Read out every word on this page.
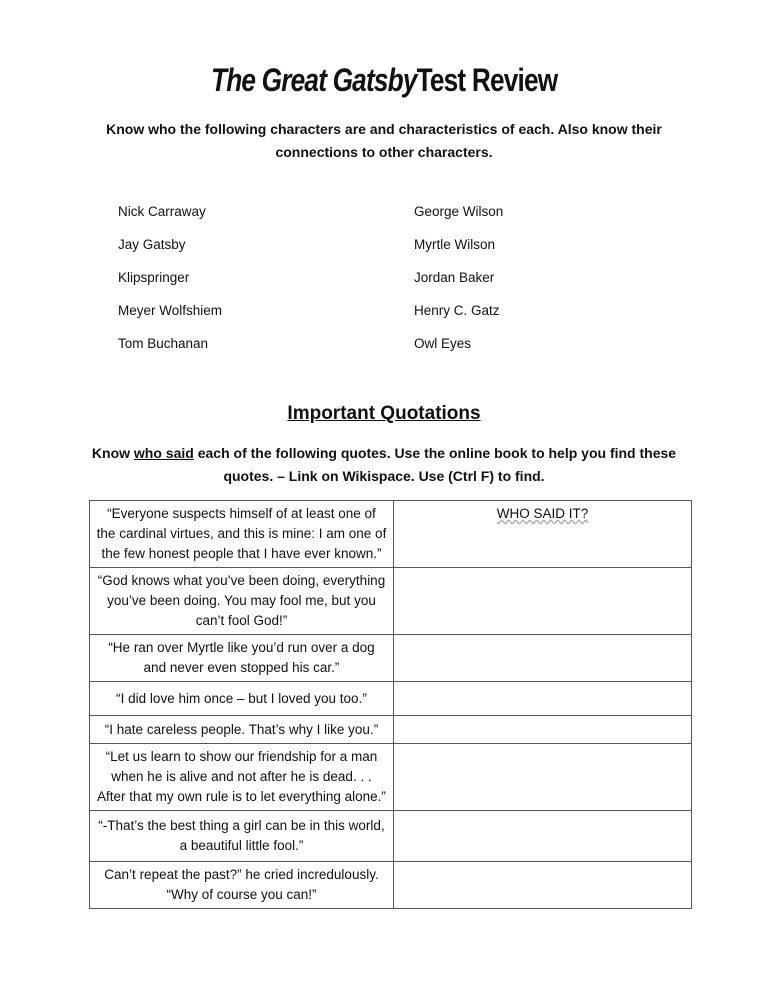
The Great GatsbyTest Review
Know who the following characters are and characteristics of each. Also know their
connections to other characters.
Nick Carraway
Jay Gatsby
Klipspringer
Meyer Wolfshiem
Tom Buchanan
George Wilson
Myrtle Wilson
Jordan Baker
Henry C. Gatz
Owl Eyes
Important Quotations
Know who said each of the following quotes. Use the online book to help you find these
quotes. – Link on Wikispace. Use (Ctrl F) to find.
“Everyone suspects himself of at least one of the cardinal virtues, and this is mine: I am one of the few honest people that I have ever known.”	WHO SAID IT?
“God knows what you’ve been doing, everything you’ve been doing. You may fool me, but you can’t fool God!”	
“He ran over Myrtle like you’d run over a dog and never even stopped his car.”	
“I did love him once – but I loved you too.”	
“I hate careless people. That’s why I like you.”	
“Let us learn to show our friendship for a man when he is alive and not after he is dead. . . After that my own rule is to let everything alone.”	
“-That’s the best thing a girl can be in this world, a beautiful little fool.”	
Can’t repeat the past?” he cried incredulously. “Why of course you can!”	
